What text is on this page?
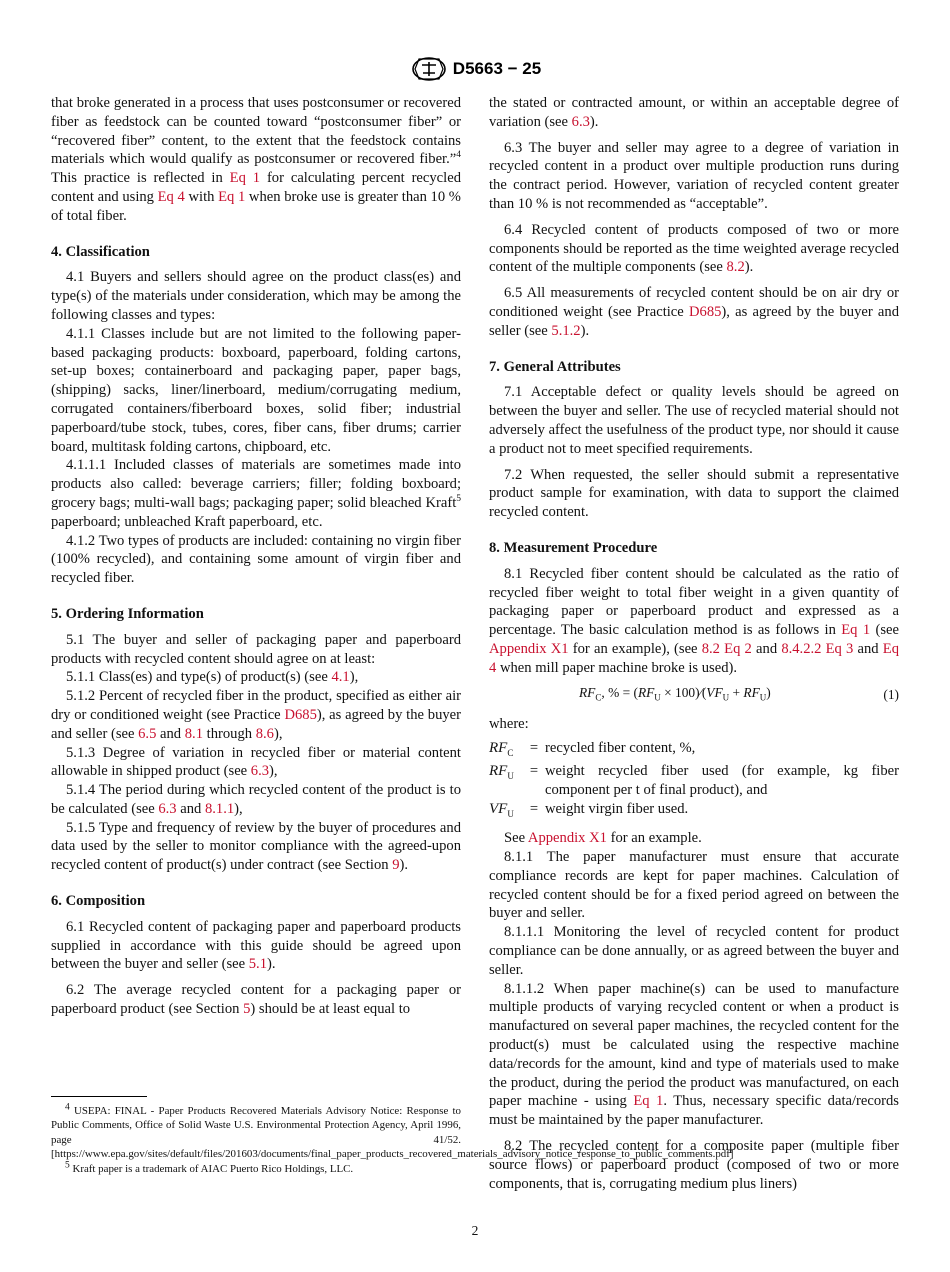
D5663 − 25

that broke generated in a process that uses postconsumer or recovered fiber as feedstock can be counted toward “postconsumer fiber” or “recovered fiber” content, to the extent that the feedstock contains materials which would qualify as postconsumer or recovered fiber.”$^4$ This practice is reflected in Eq 1 for calculating percent recycled content and using Eq 4 with Eq 1 when broke use is greater than 10 % of total fiber.

4. Classification

4.1 Buyers and sellers should agree on the product class(es) and type(s) of the materials under consideration, which may be among the following classes and types:

4.1.1 Classes include but are not limited to the following paper-based packaging products: boxboard, paperboard, folding cartons, set-up boxes; containerboard and packaging paper, paper bags, (shipping) sacks, liner/linerboard, medium/corrugating medium, corrugated containers/fiberboard boxes, solid fiber; industrial paperboard/tube stock, tubes, cores, fiber cans, fiber drums; carrier board, multitask folding cartons, chipboard, etc.

4.1.1.1 Included classes of materials are sometimes made into products also called: beverage carriers; filler; folding boxboard; grocery bags; multi-wall bags; packaging paper; solid bleached Kraft$^5$ paperboard; unbleached Kraft paperboard, etc.

4.1.2 Two types of products are included: containing no virgin fiber (100% recycled), and containing some amount of virgin fiber and recycled fiber.

5. Ordering Information

5.1 The buyer and seller of packaging paper and paperboard products with recycled content should agree on at least:

5.1.1 Class(es) and type(s) of product(s) (see 4.1),

5.1.2 Percent of recycled fiber in the product, specified as either air dry or conditioned weight (see Practice D685), as agreed by the buyer and seller (see 6.5 and 8.1 through 8.6),

5.1.3 Degree of variation in recycled fiber or material content allowable in shipped product (see 6.3),

5.1.4 The period during which recycled content of the product is to be calculated (see 6.3 and 8.1.1),

5.1.5 Type and frequency of review by the buyer of procedures and data used by the seller to monitor compliance with the agreed-upon recycled content of product(s) under contract (see Section 9).

6. Composition

6.1 Recycled content of packaging paper and paperboard products supplied in accordance with this guide should be agreed upon between the buyer and seller (see 5.1).

6.2 The average recycled content for a packaging paper or paperboard product (see Section 5) should be at least equal to

the stated or contracted amount, or within an acceptable degree of variation (see 6.3).

6.3 The buyer and seller may agree to a degree of variation in recycled content in a product over multiple production runs during the contract period. However, variation of recycled content greater than 10 % is not recommended as “acceptable”.

6.4 Recycled content of products composed of two or more components should be reported as the time weighted average recycled content of the multiple components (see 8.2).

6.5 All measurements of recycled content should be on air dry or conditioned weight (see Practice D685), as agreed by the buyer and seller (see 5.1.2).

7. General Attributes

7.1 Acceptable defect or quality levels should be agreed on between the buyer and seller. The use of recycled material should not adversely affect the usefulness of the product type, nor should it cause a product not to meet specified requirements.

7.2 When requested, the seller should submit a representative product sample for examination, with data to support the claimed recycled content.

8. Measurement Procedure

8.1 Recycled fiber content should be calculated as the ratio of recycled fiber weight to total fiber weight in a given quantity of packaging paper or paperboard product and expressed as a percentage. The basic calculation method is as follows in Eq 1 (see Appendix X1 for an example), (see 8.2 Eq 2 and 8.4.2.2 Eq 3 and Eq 4 when mill paper machine broke is used).

$RF_C$, % = ($RF_U$ × $100)⁄(VF_U + RF_U)$	(1)

where:

$RF_C$	=	recycled fiber content, %,
$RF_U$	=	weight recycled fiber used (for example, kg fiber component per t of final product), and
$VF_U$	=	weight virgin fiber used.

See Appendix X1 for an example.

8.1.1 The paper manufacturer must ensure that accurate compliance records are kept for paper machines. Calculation of recycled content should be for a fixed period agreed on between the buyer and seller.

8.1.1.1 Monitoring the level of recycled content for product compliance can be done annually, or as agreed between the buyer and seller.

8.1.1.2 When paper machine(s) can be used to manufacture multiple products of varying recycled content or when a product is manufactured on several paper machines, the recycled content for the product(s) must be calculated using the respective machine data/records for the amount, kind and type of materials used to make the product, during the period the product was manufactured, on each paper machine - using Eq 1. Thus, necessary specific data/records must be maintained by the paper manufacturer.

8.2 The recycled content for a composite paper (multiple fiber source flows) or paperboard product (composed of two or more components, that is, corrugating medium plus liners)

$^4$ USEPA: FINAL - Paper Products Recovered Materials Advisory Notice: Response to Public Comments, Office of Solid Waste U.S. Environmental Protection Agency, April 1996, page 41/52. [https://www.epa.gov/sites/default/files/201603/documents/final_paper_products_recovered_materials_advisory_notice_response_to_public_comments.pdf]

$^5$ Kraft paper is a trademark of AIAC Puerto Rico Holdings, LLC.

2
